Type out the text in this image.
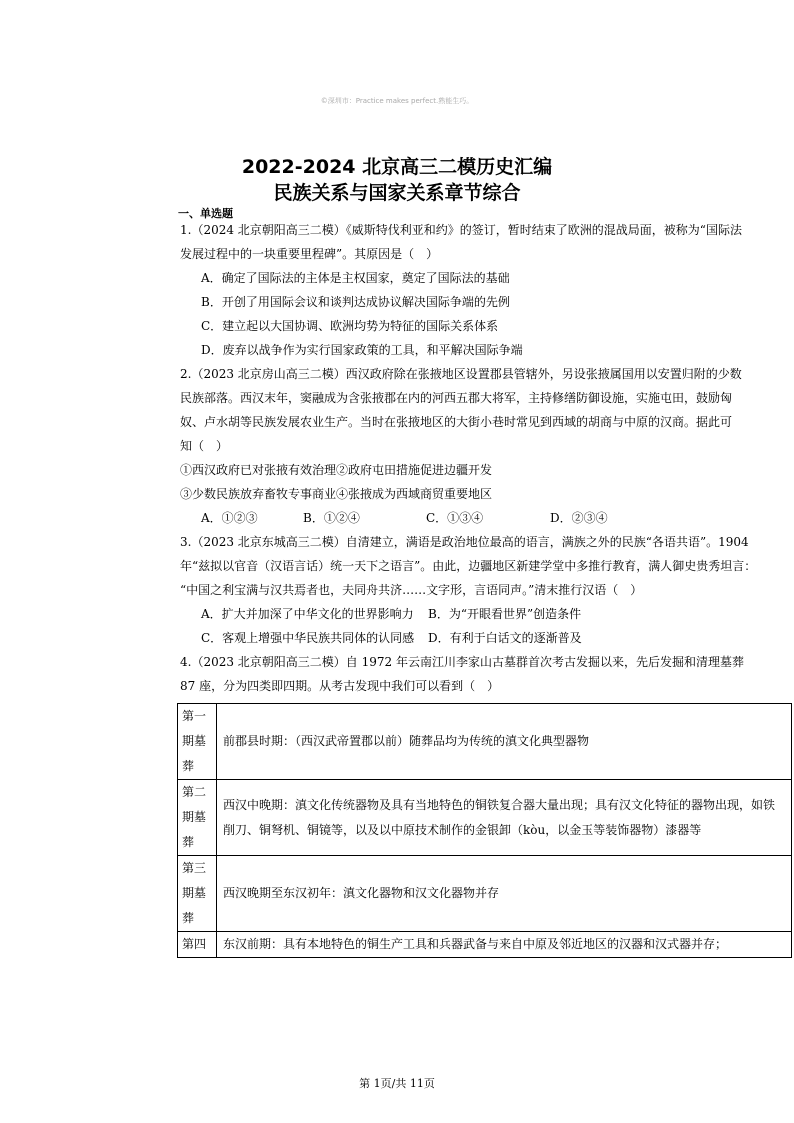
©深圳市：Practice makes perfect.熟能生巧。
2022-2024 北京高三二模历史汇编
民族关系与国家关系章节综合
一、单选题
1.（2024 北京朝阳高三二模）《威斯特伐利亚和约》的签订，暂时结束了欧洲的混战局面，被称为“国际法
发展过程中的一块重要里程碑”。其原因是（　）
A．确定了国际法的主体是主权国家，奠定了国际法的基础
B．开创了用国际会议和谈判达成协议解决国际争端的先例
C．建立起以大国协调、欧洲均势为特征的国际关系体系
D．废弃以战争作为实行国家政策的工具，和平解决国际争端
2.（2023 北京房山高三二模）西汉政府除在张掖地区设置郡县管辖外，另设张掖属国用以安置归附的少数
民族部落。西汉末年，窦融成为含张掖郡在内的河西五郡大将军，主持修缮防御设施，实施屯田，鼓励匈
奴、卢水胡等民族发展农业生产。当时在张掖地区的大街小巷时常见到西域的胡商与中原的汉商。据此可
知（　）
①西汉政府已对张掖有效治理②政府屯田措施促进边疆开发
③少数民族放弃畜牧专事商业④张掖成为西域商贸重要地区
A．①②③	B．①②④	C．①③④	D．②③④
3.（2023 北京东城高三二模）自清建立，满语是政治地位最高的语言，满族之外的民族“各语共语”。1904
年“兹拟以官音（汉语言话）统一天下之语言”。由此，边疆地区新建学堂中多推行教育，满人御史贵秀坦言：
“中国之利宝满与汉共焉者也，夫同舟共济……文字形，言语同声。”清末推行汉语（　）
A．扩大并加深了中华文化的世界影响力 B．为“开眼看世界”创造条件
C．客观上增强中华民族共同体的认同感 D．有利于白话文的逐渐普及
4.（2023 北京朝阳高三二模）自 1972 年云南江川李家山古墓群首次考古发掘以来，先后发掘和清理墓葬
87 座，分为四类即四期。从考古发现中我们可以看到（　）
第一
期墓
葬	前郡县时期：（西汉武帝置郡以前）随葬品均为传统的滇文化典型器物

第二
期墓
葬	西汉中晚期：滇文化传统器物及具有当地特色的铜铁复合器大量出现；具有汉文化特征的器物出现，如铁削刀、铜弩机、铜镜等，以及以中原技术制作的金银卸（kòu，以金玉等装饰器物）漆器等

第三
期墓
葬	西汉晚期至东汉初年：滇文化器物和汉文化器物并存

第四	东汉前期：具有本地特色的铜生产工具和兵器武备与来自中原及邻近地区的汉器和汉式器并存；
第 1页/共 11页
